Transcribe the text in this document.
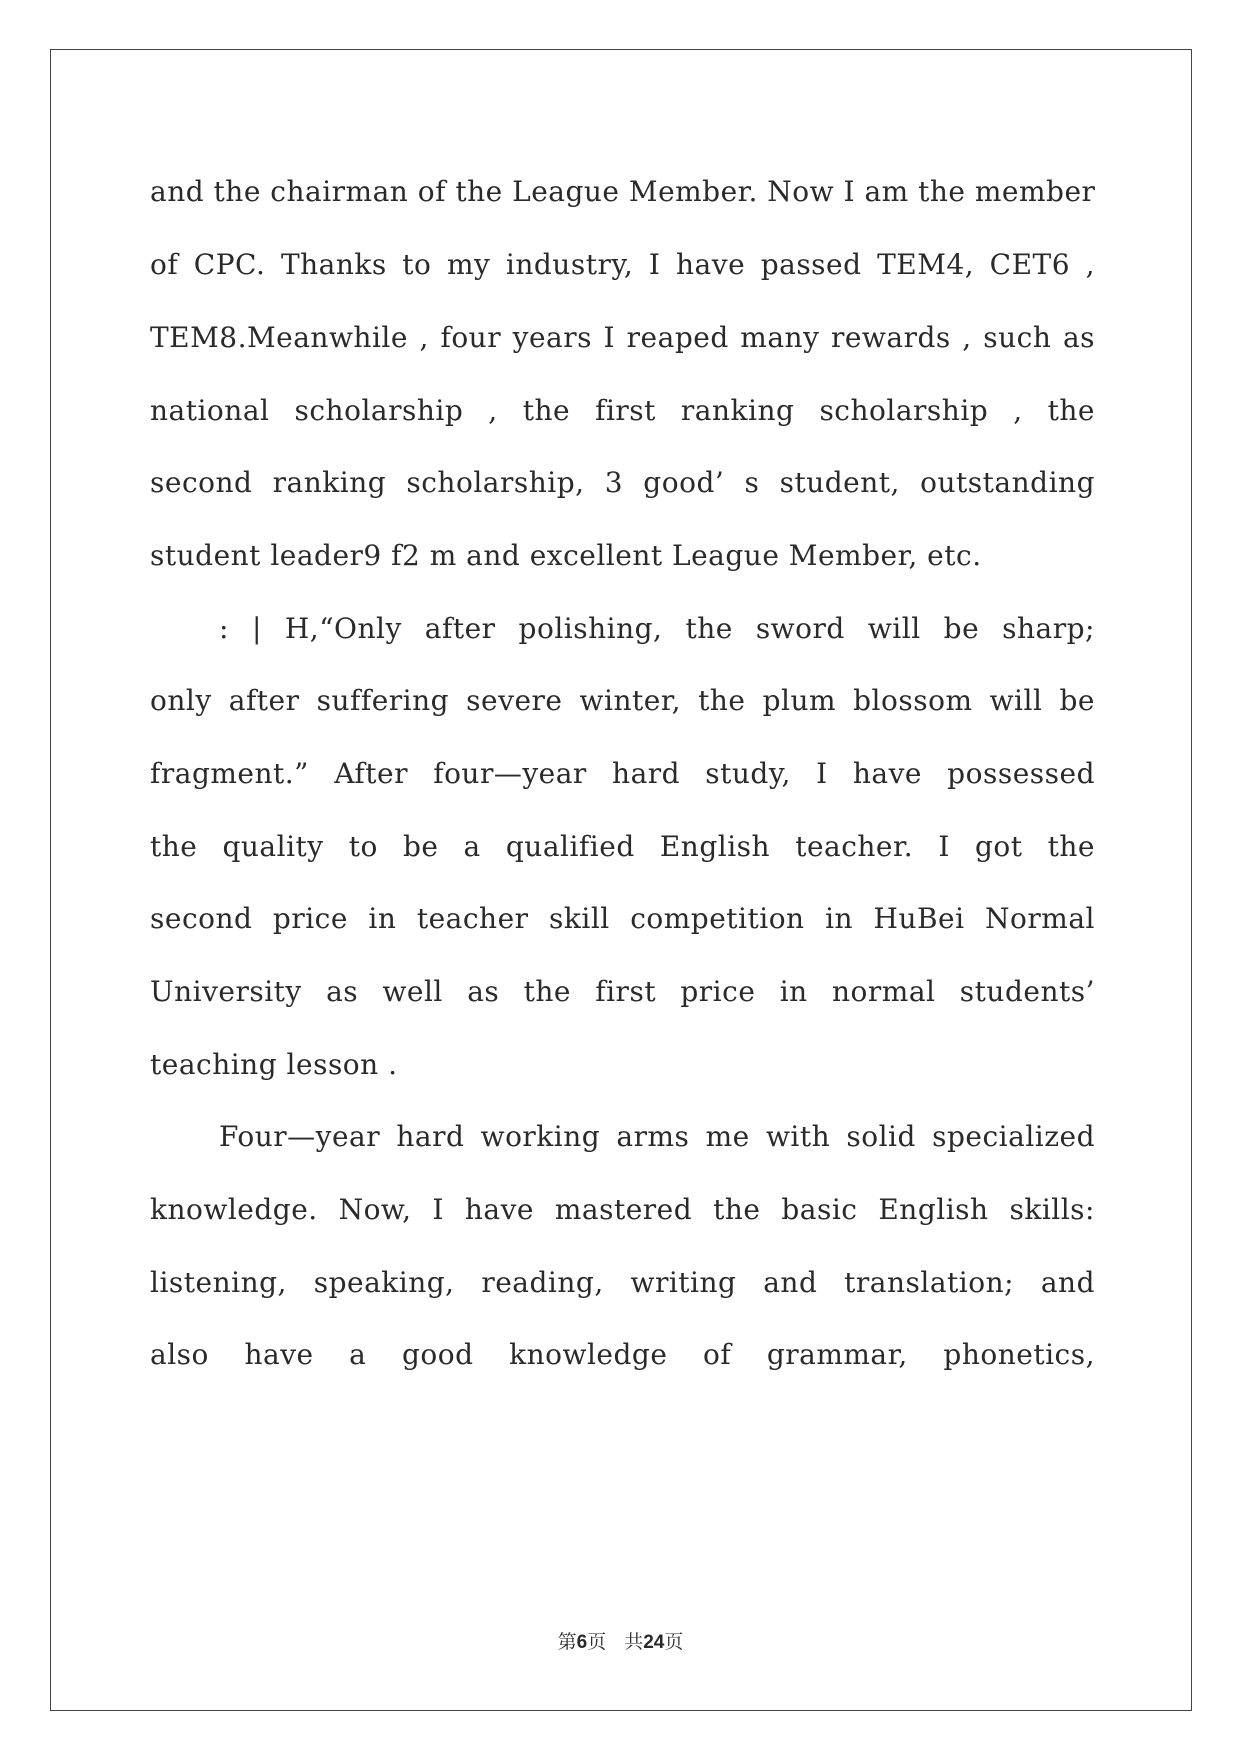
and the chairman of the League Member. Now I am the member
of CPC. Thanks to my industry, I have passed TEM4, CET6 ,
TEM8.Meanwhile , four years I reaped many rewards , such as
national scholarship , the first ranking scholarship , the
second ranking scholarship, 3 good’ s student, outstanding
student leader9 f2 m and excellent League Member, etc.
: | H,“Only after polishing, the sword will be sharp;
only after suffering severe winter, the plum blossom will be
fragment.” After four—year hard study, I have possessed
the quality to be a qualified English teacher. I got the
second price in teacher skill competition in HuBei Normal
University as well as the first price in normal students’
teaching lesson .
Four—year hard working arms me with solid specialized
knowledge. Now, I have mastered the basic English skills:
listening, speaking, reading, writing and translation; and
also have a good knowledge of grammar, phonetics,
第6页 共24页
